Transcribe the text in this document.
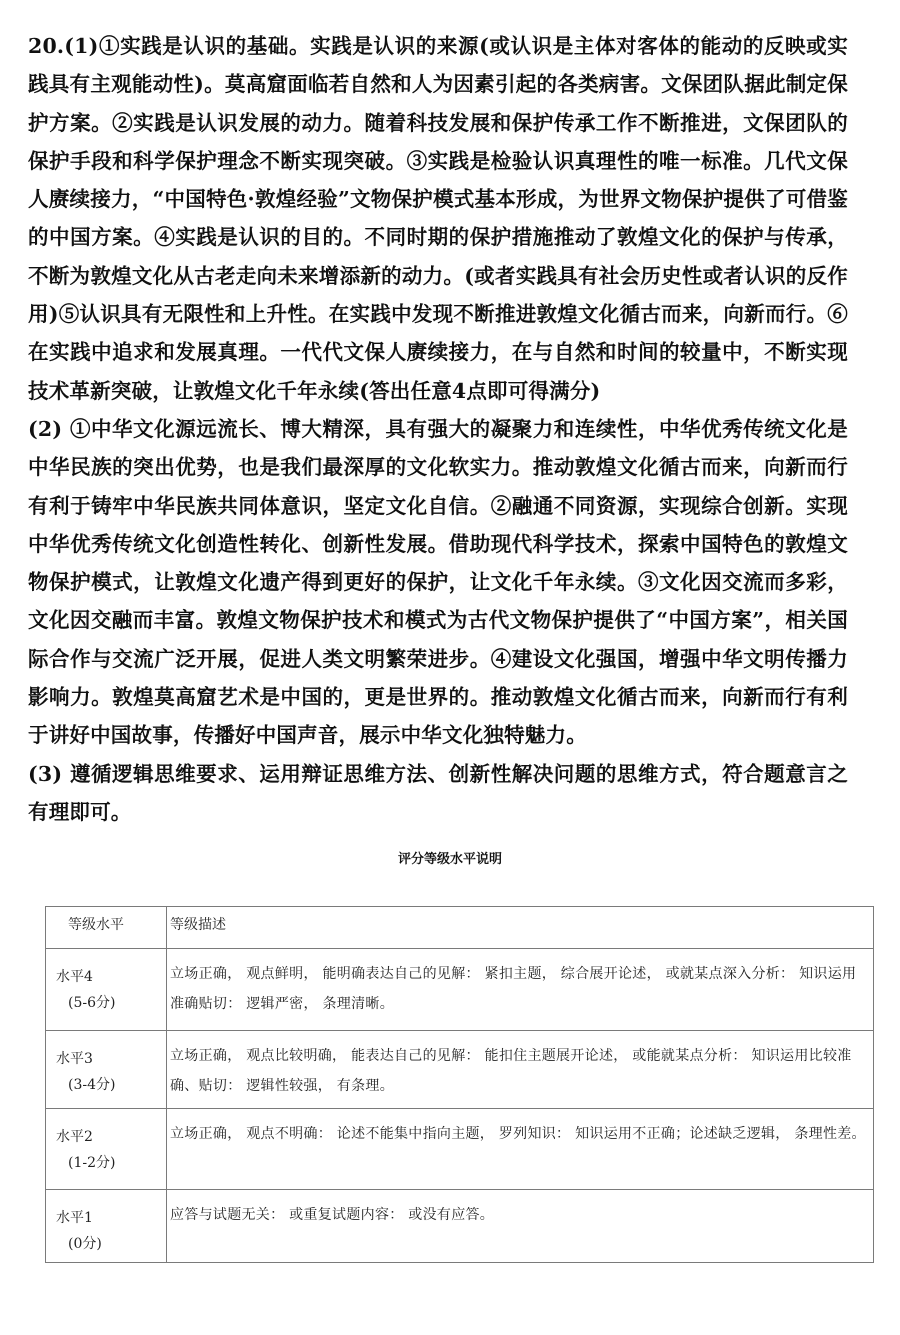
20.(1)①实践是认识的基础。实践是认识的来源(或认识是主体对客体的能动的反映或实践具有主观能动性)。莫高窟面临若自然和人为因素引起的各类病害。文保团队据此制定保护方案。②实践是认识发展的动力。随着科技发展和保护传承工作不断推进，文保团队的保护手段和科学保护理念不断实现突破。③实践是检验认识真理性的唯一标准。几代文保人赓续接力，“中国特色·敦煌经验”文物保护模式基本形成，为世界文物保护提供了可借鉴的中国方案。④实践是认识的目的。不同时期的保护措施推动了敦煌文化的保护与传承，不断为敦煌文化从古老走向未来增添新的动力。(或者实践具有社会历史性或者认识的反作用)⑤认识具有无限性和上升性。在实践中发现不断推进敦煌文化循古而来，向新而行。⑥在实践中追求和发展真理。一代代文保人赓续接力，在与自然和时间的较量中，不断实现技术革新突破，让敦煌文化千年永续(答出任意4点即可得满分)

(2) ①中华文化源远流长、博大精深，具有强大的凝聚力和连续性，中华优秀传统文化是中华民族的突出优势，也是我们最深厚的文化软实力。推动敦煌文化循古而来，向新而行有利于铸牢中华民族共同体意识，坚定文化自信。②融通不同资源，实现综合创新。实现中华优秀传统文化创造性转化、创新性发展。借助现代科学技术，探索中国特色的敦煌文物保护模式，让敦煌文化遗产得到更好的保护，让文化千年永续。③文化因交流而多彩，文化因交融而丰富。敦煌文物保护技术和模式为古代文物保护提供了“中国方案”，相关国际合作与交流广泛开展，促进人类文明繁荣进步。④建设文化强国，增强中华文明传播力影响力。敦煌莫高窟艺术是中国的，更是世界的。推动敦煌文化循古而来，向新而行有利于讲好中国故事，传播好中国声音，展示中华文化独特魅力。

(3) 遵循逻辑思维要求、运用辩证思维方法、创新性解决问题的思维方式，符合题意言之有理即可。

评分等级水平说明
等级水平	等级描述

水平4
(5-6分)	立场正确， 观点鲜明， 能明确表达自己的见解： 紧扣主题， 综合展开论述， 或就某点深入分析： 知识运用准确贴切： 逻辑严密， 条理清晰。

水平3
(3-4分)	立场正确， 观点比较明确， 能表达自己的见解： 能扣住主题展开论述， 或能就某点分析： 知识运用比较准确、贴切： 逻辑性较强， 有条理。

水平2
(1-2分)	立场正确， 观点不明确： 论述不能集中指向主题， 罗列知识： 知识运用不正确；论述缺乏逻辑， 条理性差。

水平1
(0分)	应答与试题无关： 或重复试题内容： 或没有应答。
